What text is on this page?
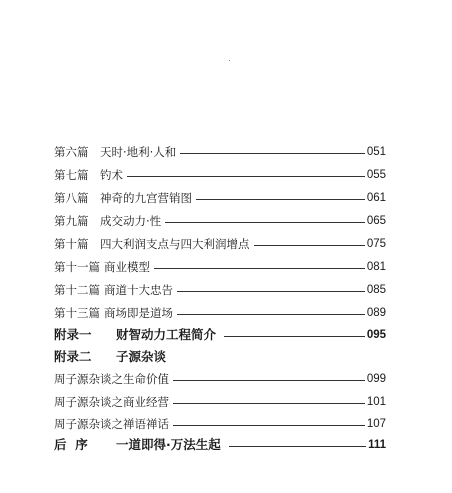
第六篇	天时·地利·人和	051
第七篇	钓术	055
第八篇	神奇的九宫营销图	061
第九篇	成交动力·性	065
第十篇	四大利润支点与四大利润增点	075
第十一篇 商业模型	081
第十二篇 商道十大忠告	085
第十三篇 商场即是道场	089
附录一	财智动力工程简介	095
附录二	子源杂谈
周子源杂谈之生命价值	099
周子源杂谈之商业经营	101
周子源杂谈之禅语禅话	107
后  序	一道即得·万法生起	111
